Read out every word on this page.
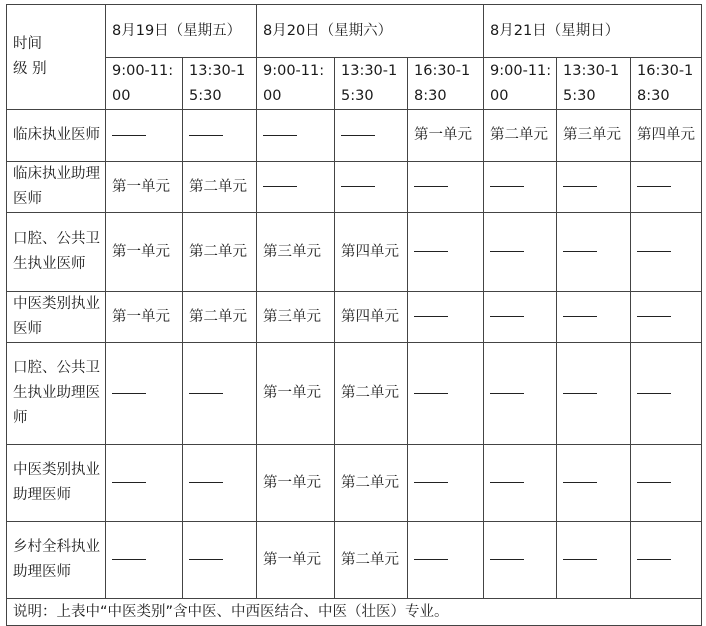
时间
级 别	8月19日（星期五）		8月20日（星期六）			8月21日（星期日）		
	9:00-11:00	13:30-15:30	9:00-11:00	13:30-15:30	16:30-18:30	9:00-11:00	13:30-15:30	16:30-18:30
临床执业医师					第一单元	第二单元	第三单元	第四单元
临床执业助理医师	第一单元	第二单元						
口腔、公共卫生执业医师	第一单元	第二单元	第三单元	第四单元				
中医类别执业医师	第一单元	第二单元	第三单元	第四单元				
口腔、公共卫生执业助理医师			第一单元	第二单元				
中医类别执业助理医师			第一单元	第二单元				
乡村全科执业助理医师			第一单元	第二单元				
说明：上表中“中医类别”含中医、中西医结合、中医（壮医）专业。								
